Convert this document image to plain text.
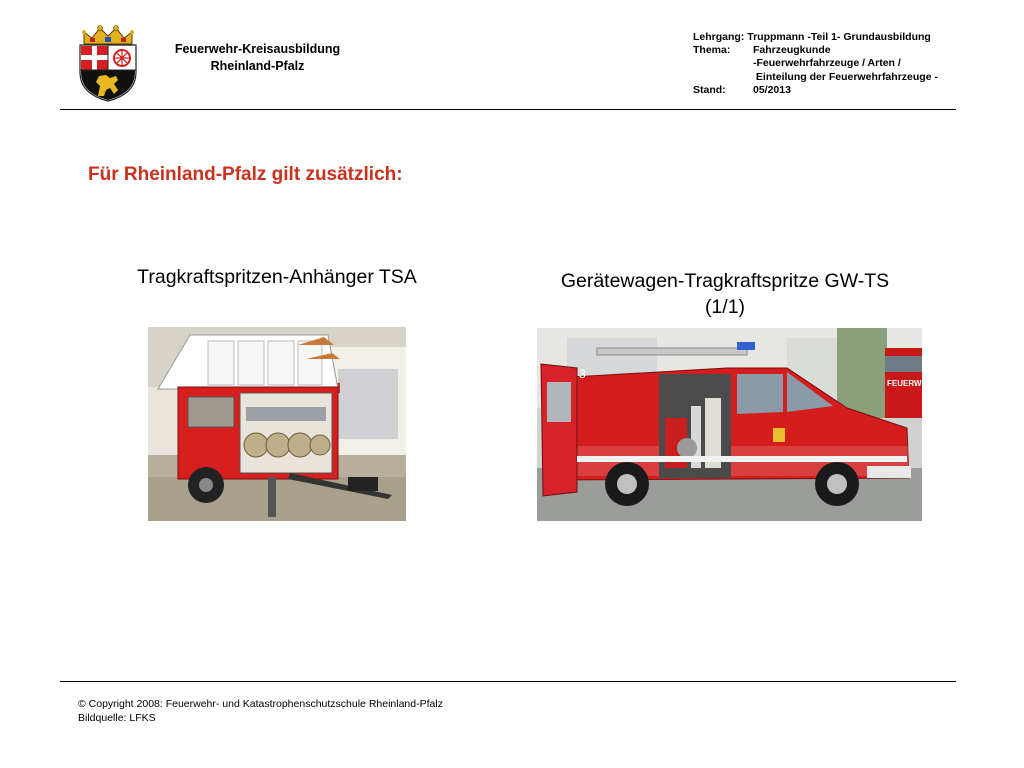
Feuerwehr-Kreisausbildung
Rheinland-Pfalz
Lehrgang:
Truppmann -Teil 1- Grundausbildung
Thema:	Fahrzeugkunde
-Feuerwehrfahrzeuge / Arten /
Einteilung der Feuerwehrfahrzeuge -
Stand:	05/2013
Für Rheinland-Pfalz gilt zusätzlich:
Tragkraftspritzen-Anhänger TSA	Gerätewagen-Tragkraftspritze GW-TS
(1/1)
FEUERWE
3
© Copyright 2008: Feuerwehr- und Katastrophenschutzschule Rheinland-Pfalz
Bildquelle: LFKS
